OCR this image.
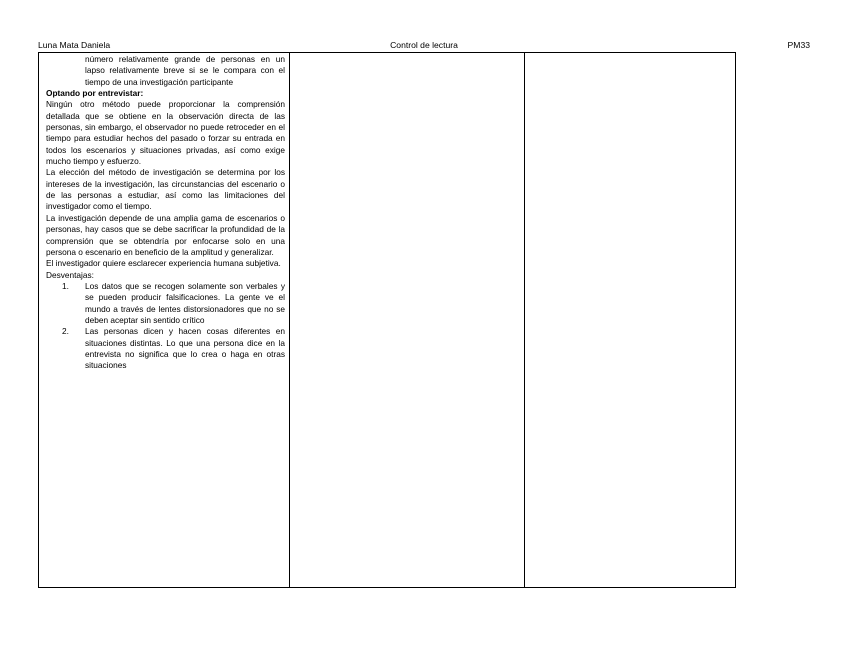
Luna Mata Daniela	Control de lectura	PM33

número relativamente grande de personas en un lapso relativamente breve si se le compara con el tiempo de una investigación participante

Optando por entrevistar:

Ningún otro método puede proporcionar la comprensión detallada que se obtiene en la observación directa de las personas, sin embargo, el observador no puede retroceder en el tiempo para estudiar hechos del pasado o forzar su entrada en todos los escenarios y situaciones privadas, así como exige mucho tiempo y esfuerzo.

La elección del método de investigación se determina por los intereses de la investigación, las circunstancias del escenario o de las personas a estudiar, así como las limitaciones del investigador como el tiempo.

La investigación depende de una amplia gama de escenarios o personas, hay casos que se debe sacrificar la profundidad de la comprensión que se obtendría por enfocarse solo en una persona o escenario en beneficio de la amplitud y generalizar.

El investigador quiere esclarecer experiencia humana subjetiva.

Desventajas:

1. Los datos que se recogen solamente son verbales y se pueden producir falsificaciones. La gente ve el mundo a través de lentes distorsionadores que no se deben aceptar sin sentido crítico
2. Las personas dicen y hacen cosas diferentes en situaciones distintas. Lo que una persona dice en la entrevista no significa que lo crea o haga en otras situaciones
